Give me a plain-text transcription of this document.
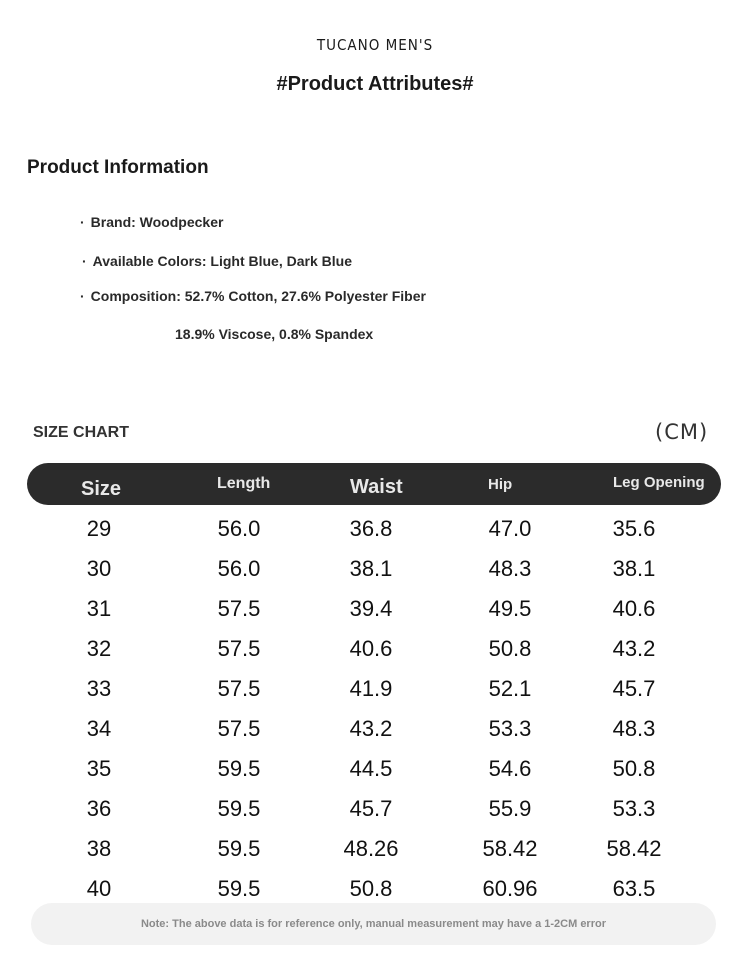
TUCANO MEN'S
#Product Attributes#
Product Information
· Brand: Woodpecker
· Available Colors: Light Blue, Dark Blue
· Composition: 52.7% Cotton, 27.6% Polyester Fiber
18.9% Viscose, 0.8% Spandex
SIZE CHART	(CM)
Size	Length	Waist	Hip	Leg Opening
29	56.0	36.8	47.0	35.6
30	56.0	38.1	48.3	38.1
31	57.5	39.4	49.5	40.6
32	57.5	40.6	50.8	43.2
33	57.5	41.9	52.1	45.7
34	57.5	43.2	53.3	48.3
35	59.5	44.5	54.6	50.8
36	59.5	45.7	55.9	53.3
38	59.5	48.26	58.42	58.42
40	59.5	50.8	60.96	63.5
Note: The above data is for reference only, manual measurement may have a 1-2CM error
